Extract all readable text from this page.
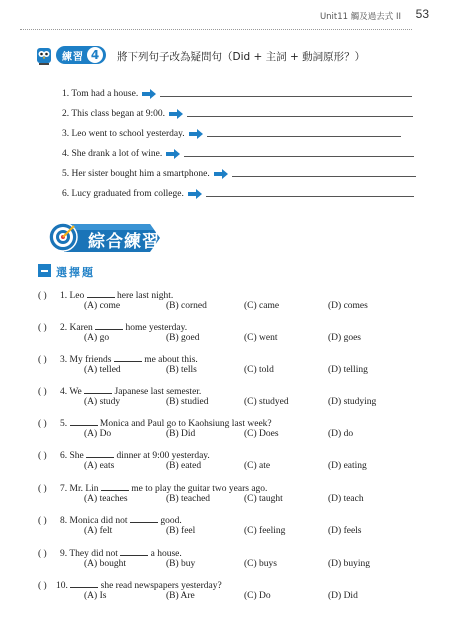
Unit11 觸及過去式 II 53
練習 4	將下列句子改為疑問句（Did + 主詞 + 動詞原形？）
1. Tom had a house.
2. This class began at 9:00.
3. Leo went to school yesterday.
4. She drank a lot of wine.
5. Her sister bought him a smartphone.
6. Lucy graduated from college.
綜合練習
選擇題
( ) 1. Leo	here last night.
(A) come	(B) corned	(C) came	(D) comes
( ) 2. Karen	home yesterday.
(A) go	(B) goed	(C) went	(D) goes
( ) 3. My friends	me about this.
(A) telled	(B) tells	(C) told	(D) telling
( ) 4. We	Japanese last semester.
(A) study	(B) studied	(C) studyed	(D) studying
( ) 5.	Monica and Paul go to Kaohsiung last week?
(A) Do	(B) Did	(C) Does	(D) do
( ) 6. She	dinner at 9:00 yesterday.
(A) eats	(B) eated	(C) ate	(D) eating
( ) 7. Mr. Lin	me to play the guitar two years ago.
(A) teaches	(B) teached	(C) taught	(D) teach
( ) 8. Monica did not	good.
(A) felt	(B) feel	(C) feeling	(D) feels
( ) 9. They did not	a house.
(A) bought	(B) buy	(C) buys	(D) buying
( ) 10.	she read newspapers yesterday?
(A) Is	(B) Are	(C) Do	(D) Did
